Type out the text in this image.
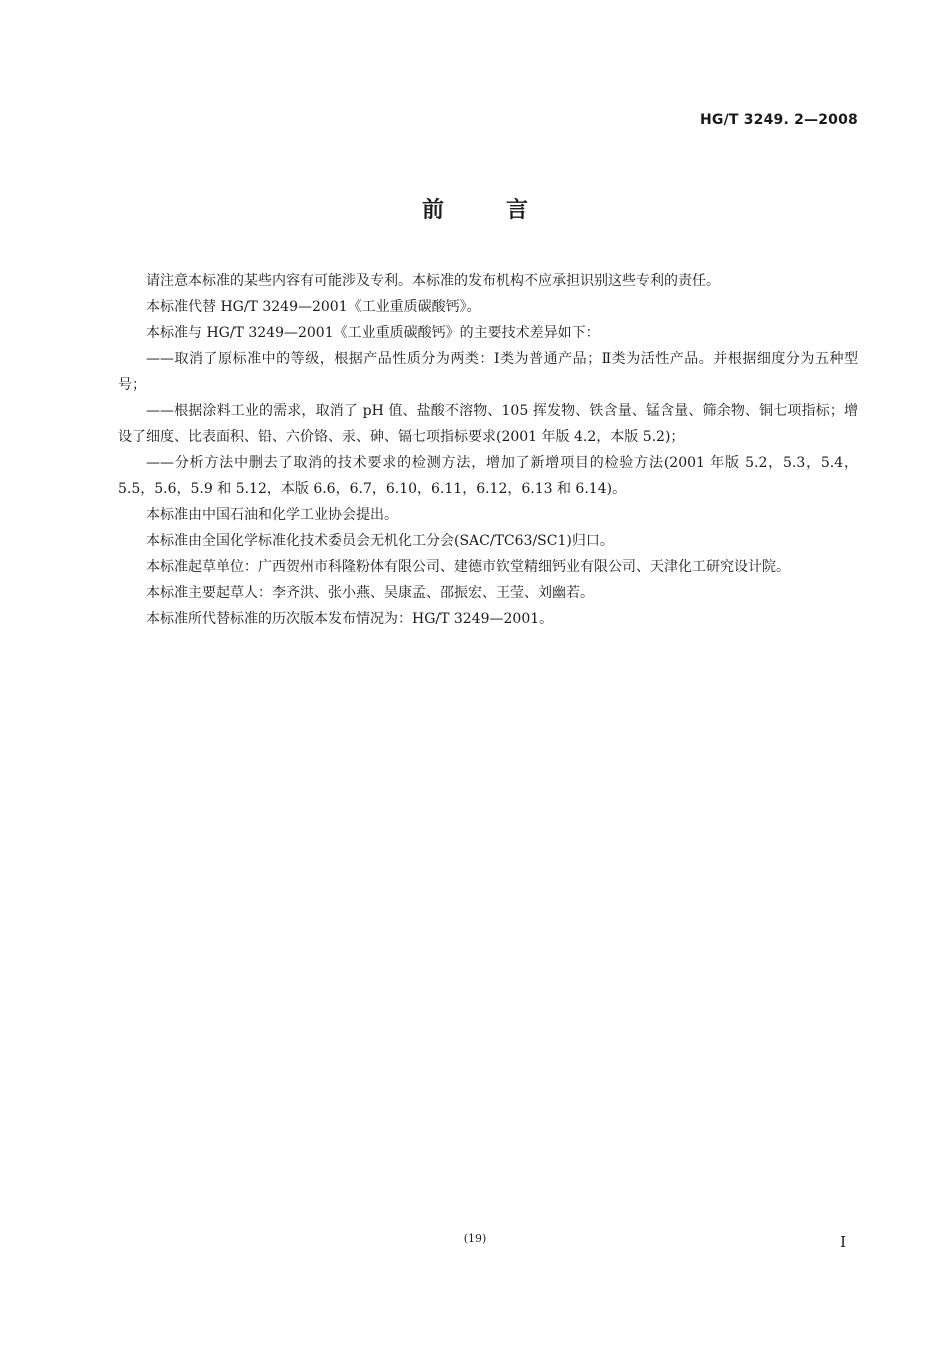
HG/T 3249. 2—2008
前	言

请注意本标准的某些内容有可能涉及专利。本标准的发布机构不应承担识别这些专利的责任。

本标准代替 HG/T 3249—2001《工业重质碳酸钙》。

本标准与 HG/T 3249—2001《工业重质碳酸钙》的主要技术差异如下：

——取消了原标准中的等级，根据产品性质分为两类：Ⅰ类为普通产品；Ⅱ类为活性产品。并根据细度分为五种型号；

——根据涂料工业的需求，取消了 pH 值、盐酸不溶物、105 挥发物、铁含量、锰含量、筛余物、铜七项指标；增设了细度、比表面积、铅、六价铬、汞、砷、镉七项指标要求(2001 年版 4.2，本版 5.2)；

——分析方法中删去了取消的技术要求的检测方法，增加了新增项目的检验方法(2001 年版 5.2，5.3，5.4，5.5，5.6，5.9 和 5.12，本版 6.6，6.7，6.10，6.11，6.12，6.13 和 6.14)。

本标准由中国石油和化学工业协会提出。

本标准由全国化学标准化技术委员会无机化工分会(SAC/TC63/SC1)归口。

本标准起草单位：广西贺州市科隆粉体有限公司、建德市钦堂精细钙业有限公司、天津化工研究设计院。

本标准主要起草人：李齐洪、张小燕、吴康孟、邵振宏、王莹、刘幽若。

本标准所代替标准的历次版本发布情况为：HG/T 3249—2001。

(19)	I
